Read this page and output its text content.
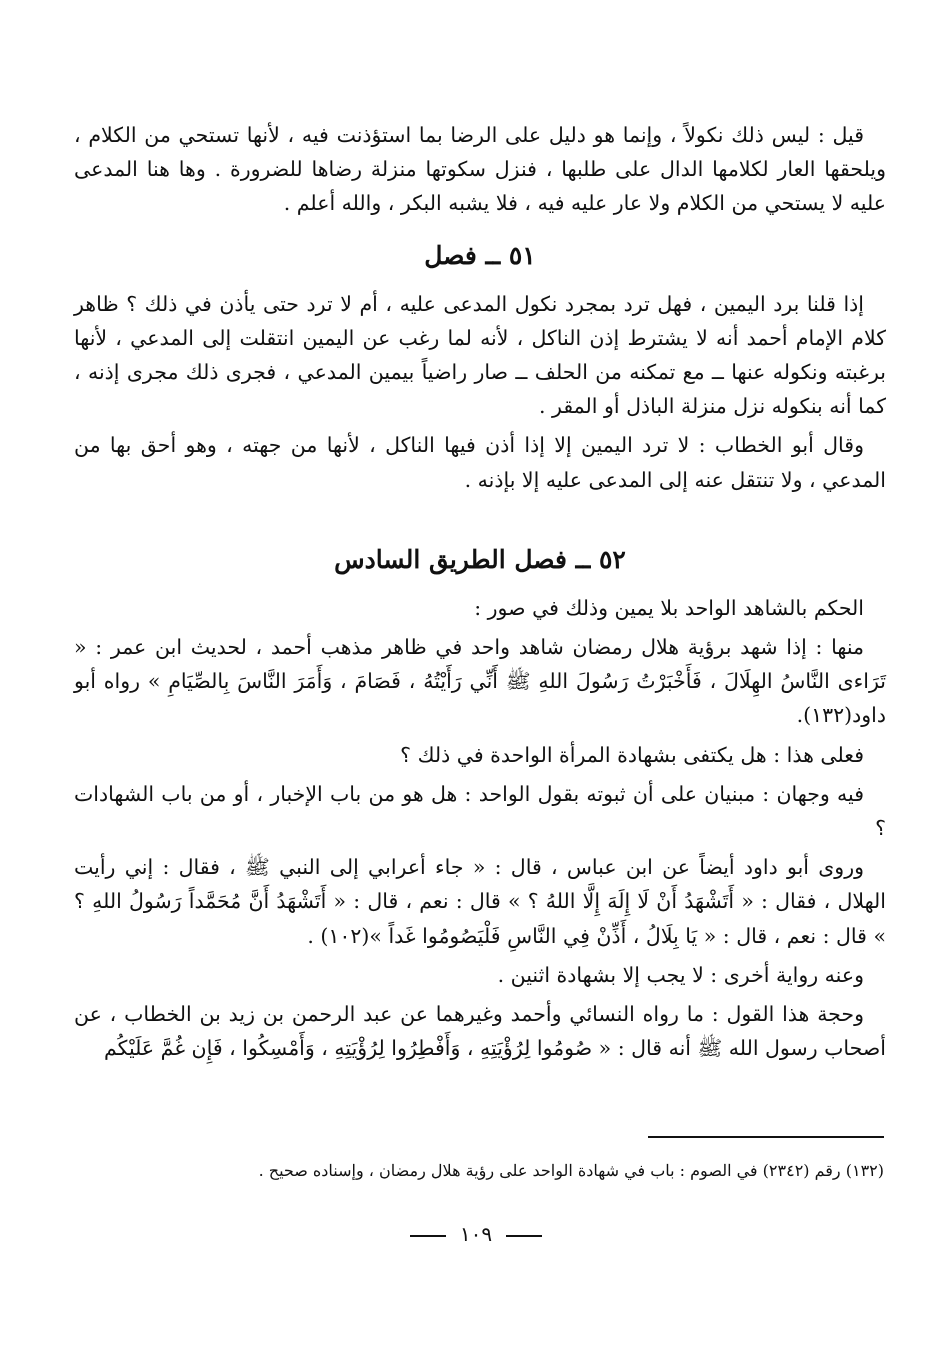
قيل : ليس ذلك نكولاً ، وإنما هو دليل على الرضا بما استؤذنت فيه ، لأنها تستحي من الكلام ، ويلحقها العار لكلامها الدال على طلبها ، فنزل سكوتها منزلة رضاها للضرورة . وها هنا المدعى عليه لا يستحي من الكلام ولا عار عليه فيه ، فلا يشبه البكر ، والله أعلم .

٥١ ــ فصل

إذا قلنا برد اليمين ، فهل ترد بمجرد نكول المدعى عليه ، أم لا ترد حتى يأذن في ذلك ؟ ظاهر كلام الإمام أحمد أنه لا يشترط إذن الناكل ، لأنه لما رغب عن اليمين انتقلت إلى المدعي ، لأنها برغبته ونكوله عنها ــ مع تمكنه من الحلف ــ صار راضياً بيمين المدعي ، فجرى ذلك مجرى إذنه ، كما أنه بنكوله نزل منزلة الباذل أو المقر .

وقال أبو الخطاب : لا ترد اليمين إلا إذا أذن فيها الناكل ، لأنها من جهته ، وهو أحق بها من المدعي ، ولا تنتقل عنه إلى المدعى عليه إلا بإذنه .

٥٢ ــ فصل الطريق السادس

الحكم بالشاهد الواحد بلا يمين وذلك في صور :

منها : إذا شهد برؤية هلال رمضان شاهد واحد في ظاهر مذهب أحمد ، لحديث ابن عمر : « تَرَاءى النَّاسُ الهِلَالَ ، فَأَخْبَرْتُ رَسُولَ اللهِ ﷺ أَنِّي رَأَيْتُهُ ، فَصَامَ ، وَأَمَرَ النَّاسَ بِالصِّيَامِ » رواه أبو داود(١٣٢).

فعلى هذا : هل يكتفى بشهادة المرأة الواحدة في ذلك ؟

فيه وجهان : مبنيان على أن ثبوته بقول الواحد : هل هو من باب الإخبار ، أو من باب الشهادات ؟

وروى أبو داود أيضاً عن ابن عباس ، قال : « جاء أعرابي إلى النبي ﷺ ، فقال : إني رأيت الهلال ، فقال : « أَتَشْهَدُ أَنْ لَا إِلَهَ إِلَّا اللهُ ؟ » قال : نعم ، قال : « أَتَشْهَدُ أَنَّ مُحَمَّداً رَسُولُ اللهِ ؟ » قال : نعم ، قال : « يَا بِلَالُ ، أَذِّنْ فِي النَّاسِ فَلْيَصُومُوا غَداً »(١٠٢) .

وعنه رواية أخرى : لا يجب إلا بشهادة اثنين .

وحجة هذا القول : ما رواه النسائي وأحمد وغيرهما عن عبد الرحمن بن زيد بن الخطاب ، عن أصحاب رسول الله ﷺ أنه قال : « صُومُوا لِرُؤْيَتِهِ ، وَأَفْطِرُوا لِرُؤْيَتِهِ ، وَأَمْسِكُوا ، فَإِن غُمَّ عَلَيْكُم

(١٣٢) رقم (٢٣٤٢) في الصوم : باب في شهادة الواحد على رؤية هلال رمضان ، وإسناده صحيح .
١٠٩
